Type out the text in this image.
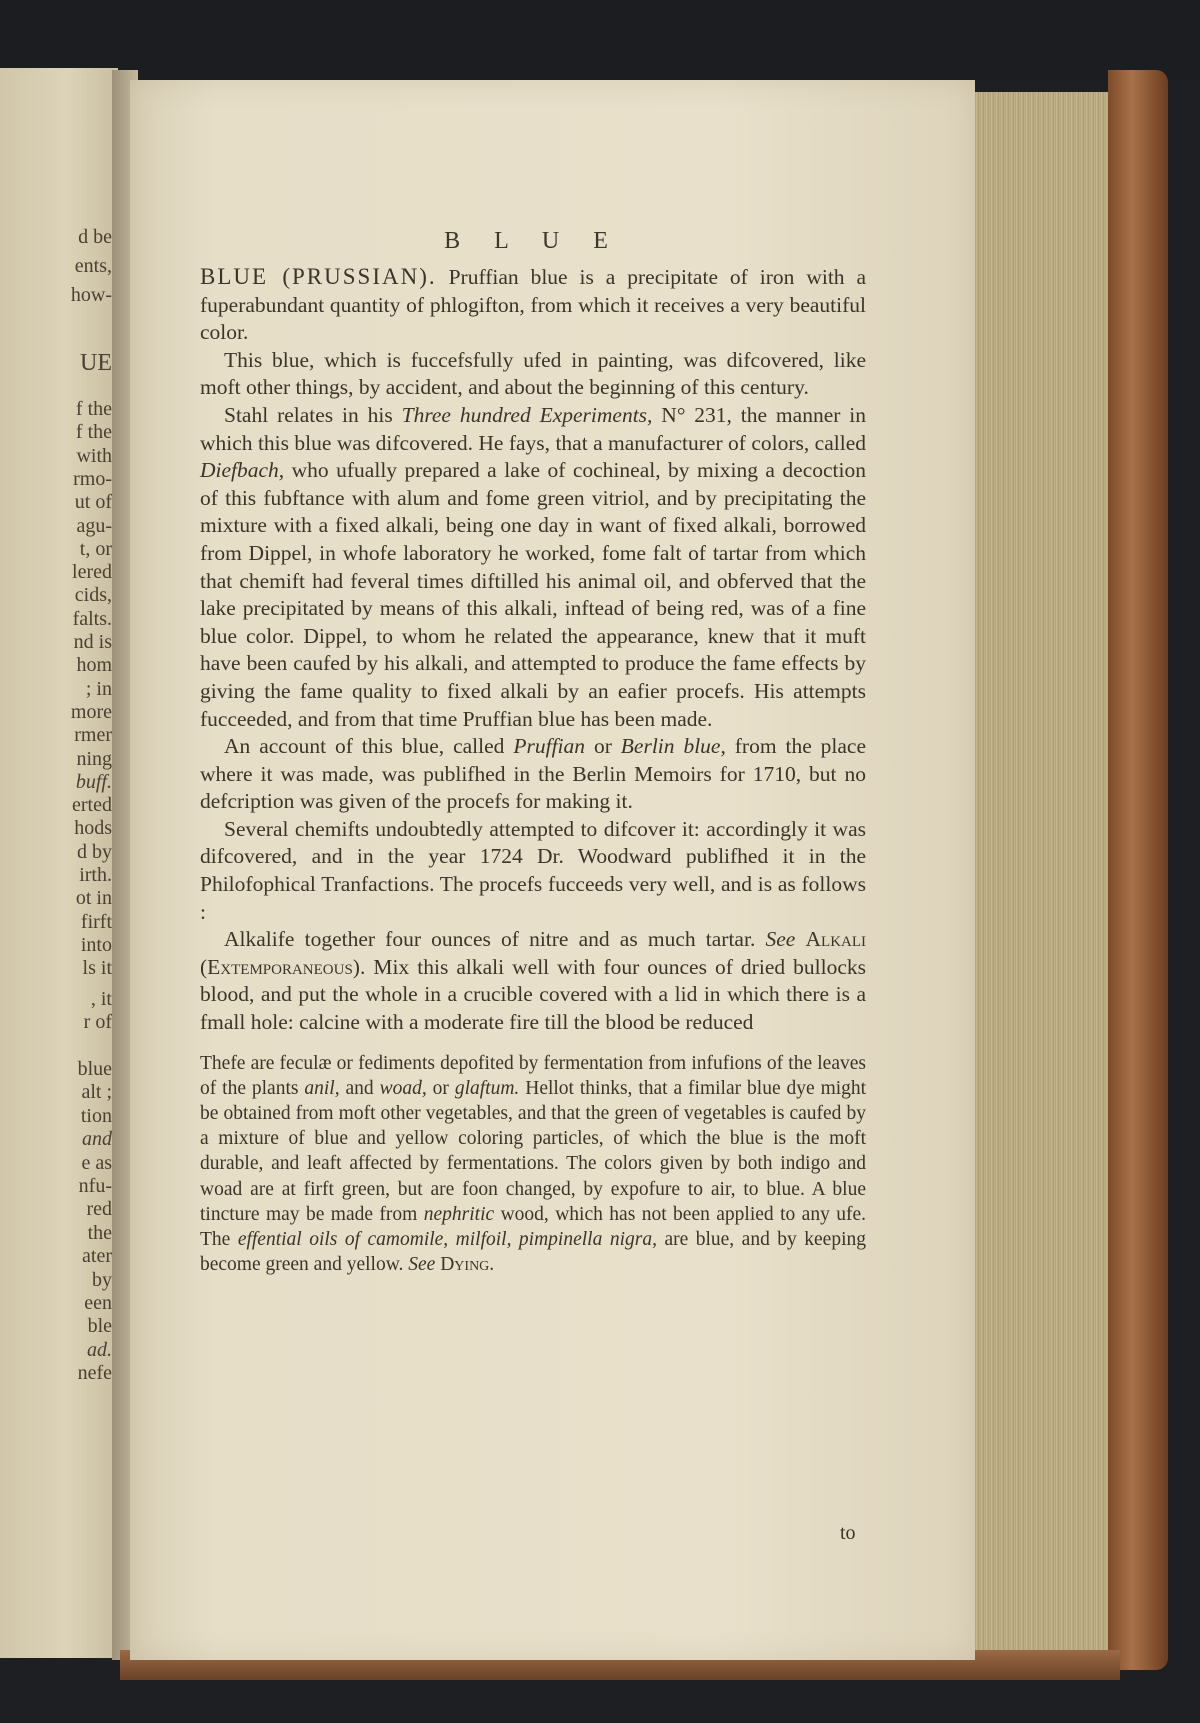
d be
ents,
how-
UE
f the
f the
with
rmo-
ut of
agu-
t, or
lered
cids,
falts.
nd is
hom
; in
more
rmer
ning
buff.
erted
hods
d by
irth.
ot in
firft
into
ls it
, it
r of
blue
alt ;
tion
and
e as
nfu-
red
the
ater
by
een
ble
ad.
nefe
B L U E

BLUE (PRUSSIAN). Pruffian blue is a precipitate of iron with a fuperabundant quantity of phlogifton, from which it receives a very beautiful color.

This blue, which is fuccefsfully ufed in painting, was difcovered, like moft other things, by accident, and about the beginning of this century.

Stahl relates in his Three hundred Experiments, N° 231, the manner in which this blue was difcovered. He fays, that a manufacturer of colors, called Diefbach, who ufually prepared a lake of cochineal, by mixing a decoction of this fubftance with alum and fome green vitriol, and by precipitating the mixture with a fixed alkali, being one day in want of fixed alkali, borrowed from Dippel, in whofe laboratory he worked, fome falt of tartar from which that chemift had feveral times diftilled his animal oil, and obferved that the lake precipitated by means of this alkali, inftead of being red, was of a fine blue color. Dippel, to whom he related the appearance, knew that it muft have been caufed by his alkali, and attempted to produce the fame effects by giving the fame quality to fixed alkali by an eafier procefs. His attempts fucceeded, and from that time Pruffian blue has been made.

An account of this blue, called Pruffian or Berlin blue, from the place where it was made, was publifhed in the Berlin Memoirs for 1710, but no defcription was given of the procefs for making it.

Several chemifts undoubtedly attempted to difcover it: accordingly it was difcovered, and in the year 1724 Dr. Woodward publifhed it in the Philofophical Tranfactions. The procefs fucceeds very well, and is as follows :

Alkalife together four ounces of nitre and as much tartar. See Alkali (Extemporaneous). Mix this alkali well with four ounces of dried bullocks blood, and put the whole in a crucible covered with a lid in which there is a fmall hole: calcine with a moderate fire till the blood be reduced

Thefe are feculæ or fediments depofited by fermentation from infufions of the leaves of the plants anil, and woad, or glaftum. Hellot thinks, that a fimilar blue dye might be obtained from moft other vegetables, and that the green of vegetables is caufed by a mixture of blue and yellow coloring particles, of which the blue is the moft durable, and leaft affected by fermentations. The colors given by both indigo and woad are at firft green, but are foon changed, by expofure to air, to blue. A blue tincture may be made from nephritic wood, which has not been applied to any ufe. The effential oils of camomile, milfoil, pimpinella nigra, are blue, and by keeping become green and yellow. See Dying.

to
